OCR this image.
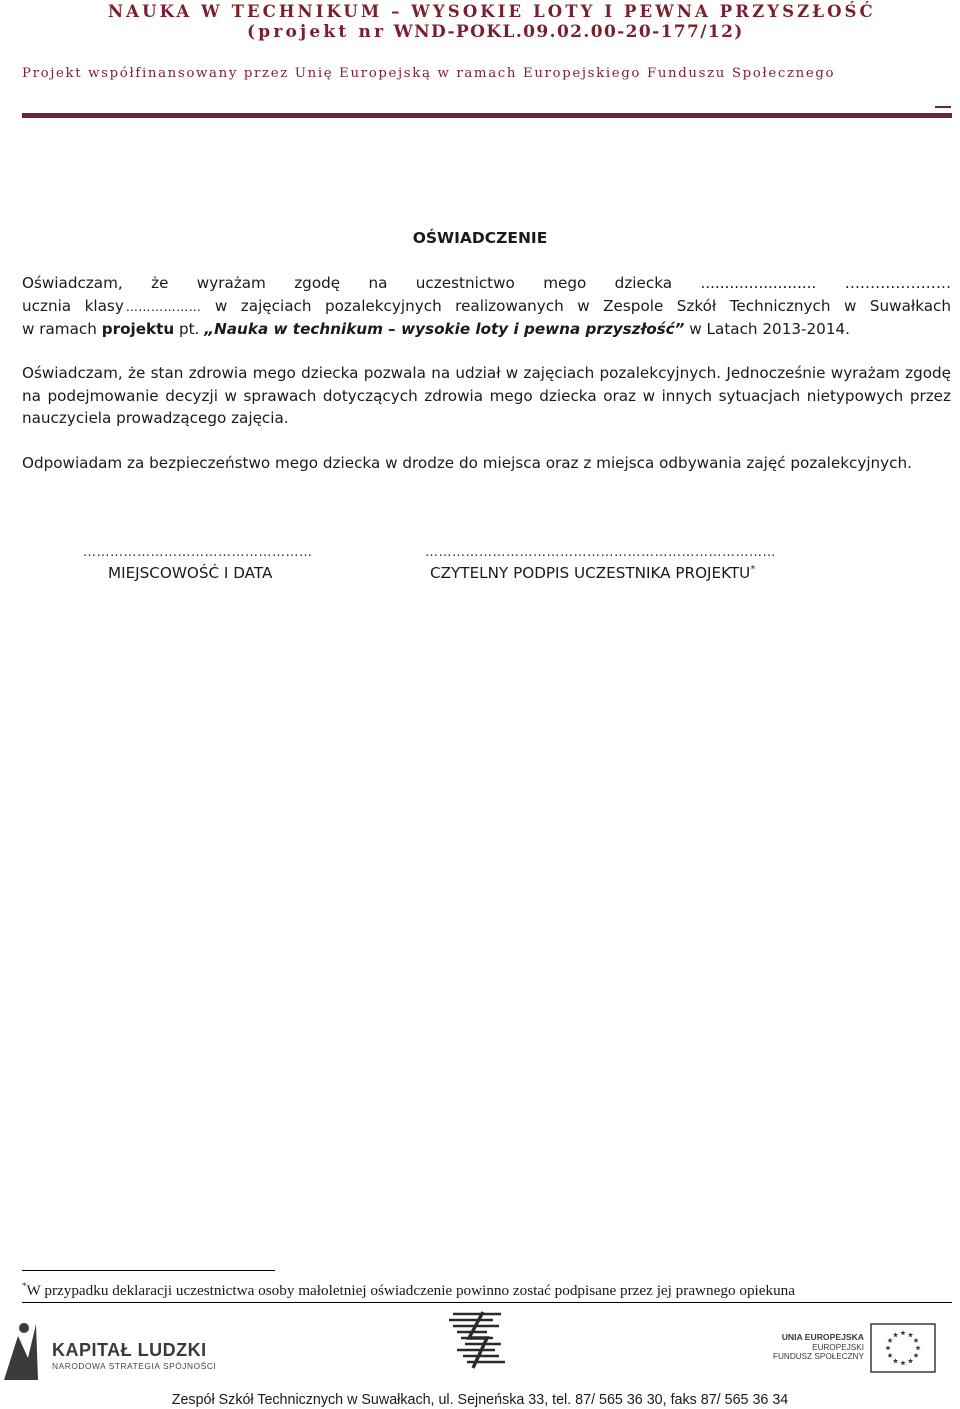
NAUKA W TECHNIKUM – WYSOKIE LOTY I PEWNA PRZYSZŁOŚĆ
(projekt nr WND-POKL.09.02.00-20-177/12)
Projekt współfinansowany przez Unię Europejską w ramach Europejskiego Funduszu Społecznego
OŚWIADCZENIE
Oświadczam, że wyrażam zgodę na uczestnictwo mego dziecka ........................ …………………
ucznia klasy ……………… w zajęciach pozalekcyjnych realizowanych w Zespole Szkół Technicznych w Suwałkach
w ramach projektu pt. „Nauka w technikum – wysokie loty i pewna przyszłość” w Latach 2013-2014.
Oświadczam, że stan zdrowia mego dziecka pozwala na udział w zajęciach pozalekcyjnych. Jednocześnie wyrażam zgodę na podejmowanie decyzji w sprawach dotyczących zdrowia mego dziecka oraz w innych sytuacjach nietypowych przez nauczyciela prowadzącego zajęcia.
Odpowiadam za bezpieczeństwo mego dziecka w drodze do miejsca oraz z miejsca odbywania zajęć pozalekcyjnych.
……………………………………………
MIEJSCOWOŚĆ I DATA
……………………………………………………………………
CZYTELNY PODPIS UCZESTNIKA PROJEKTU*
*W przypadku deklaracji uczestnictwa osoby małoletniej oświadczenie powinno zostać podpisane przez jej prawnego opiekuna
KAPITAŁ LUDZKI
NARODOWA STRATEGIA SPÓJNOŚCI
UNIA EUROPEJSKA
EUROPEJSKI
FUNDUSZ SPOŁECZNY
Zespół Szkół Technicznych w Suwałkach, ul. Sejneńska 33, tel. 87/ 565 36 30, faks 87/ 565 36 34
